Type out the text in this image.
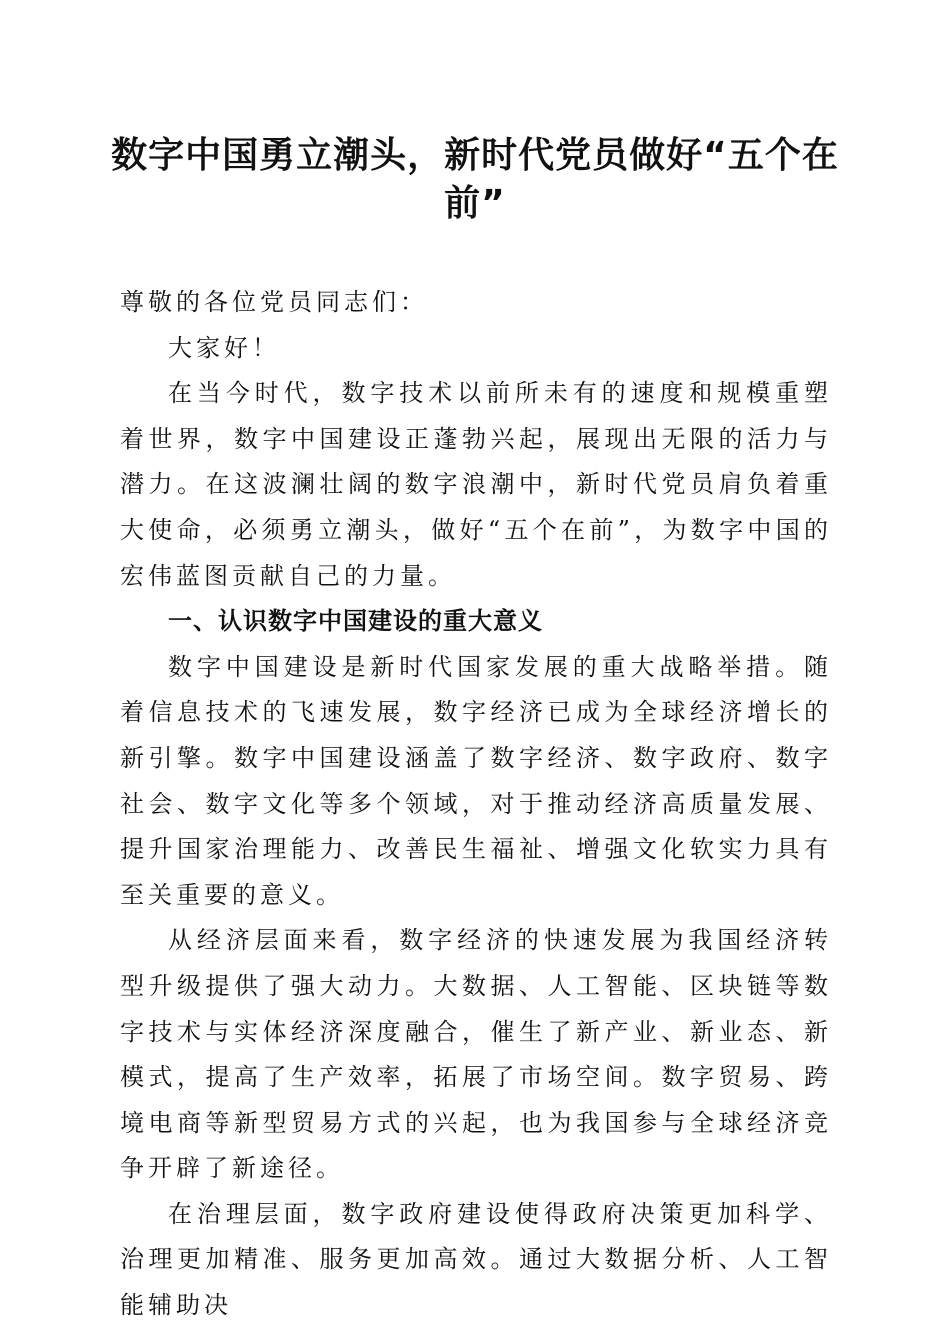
数字中国勇立潮头，新时代党员做好“五个在前”

尊敬的各位党员同志们：

大家好！

在当今时代，数字技术以前所未有的速度和规模重塑着世界，数字中国建设正蓬勃兴起，展现出无限的活力与潜力。在这波澜壮阔的数字浪潮中，新时代党员肩负着重大使命，必须勇立潮头，做好“五个在前”，为数字中国的宏伟蓝图贡献自己的力量。

一、认识数字中国建设的重大意义

数字中国建设是新时代国家发展的重大战略举措。随着信息技术的飞速发展，数字经济已成为全球经济增长的新引擎。数字中国建设涵盖了数字经济、数字政府、数字社会、数字文化等多个领域，对于推动经济高质量发展、提升国家治理能力、改善民生福祉、增强文化软实力具有至关重要的意义。

从经济层面来看，数字经济的快速发展为我国经济转型升级提供了强大动力。大数据、人工智能、区块链等数字技术与实体经济深度融合，催生了新产业、新业态、新模式，提高了生产效率，拓展了市场空间。数字贸易、跨境电商等新型贸易方式的兴起，也为我国参与全球经济竞争开辟了新途径。

在治理层面，数字政府建设使得政府决策更加科学、治理更加精准、服务更加高效。通过大数据分析、人工智能辅助决
